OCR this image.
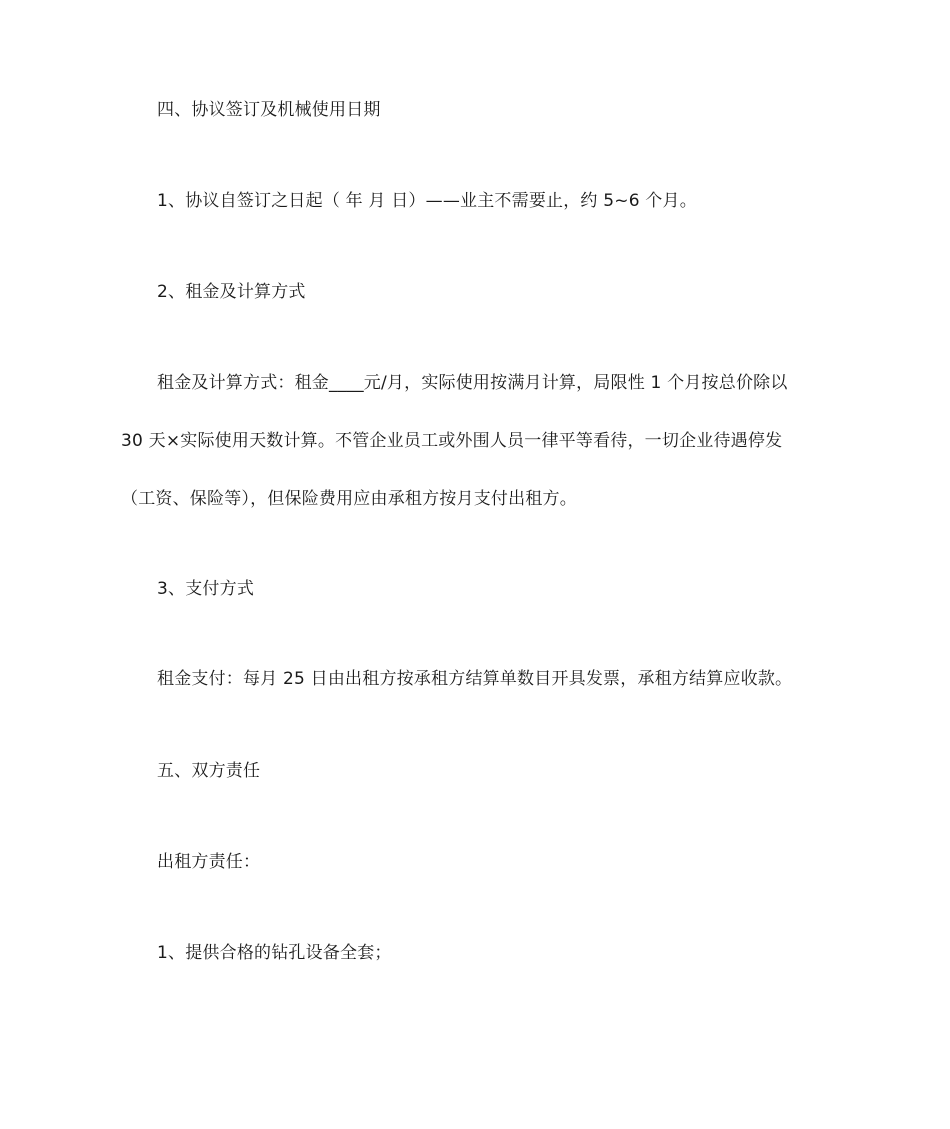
四、协议签订及机械使用日期
1、协议自签订之日起（ 年 月 日）——业主不需要止，约 5~6 个月。
2、租金及计算方式
租金及计算方式：租金____元/月，实际使用按满月计算，局限性 1 个月按总价除以
30 天×实际使用天数计算。不管企业员工或外围人员一律平等看待，一切企业待遇停发
（工资、保险等），但保险费用应由承租方按月支付出租方。
3、支付方式
租金支付：每月 25 日由出租方按承租方结算单数目开具发票，承租方结算应收款。
五、双方责任
出租方责任：
1、提供合格的钻孔设备全套；
